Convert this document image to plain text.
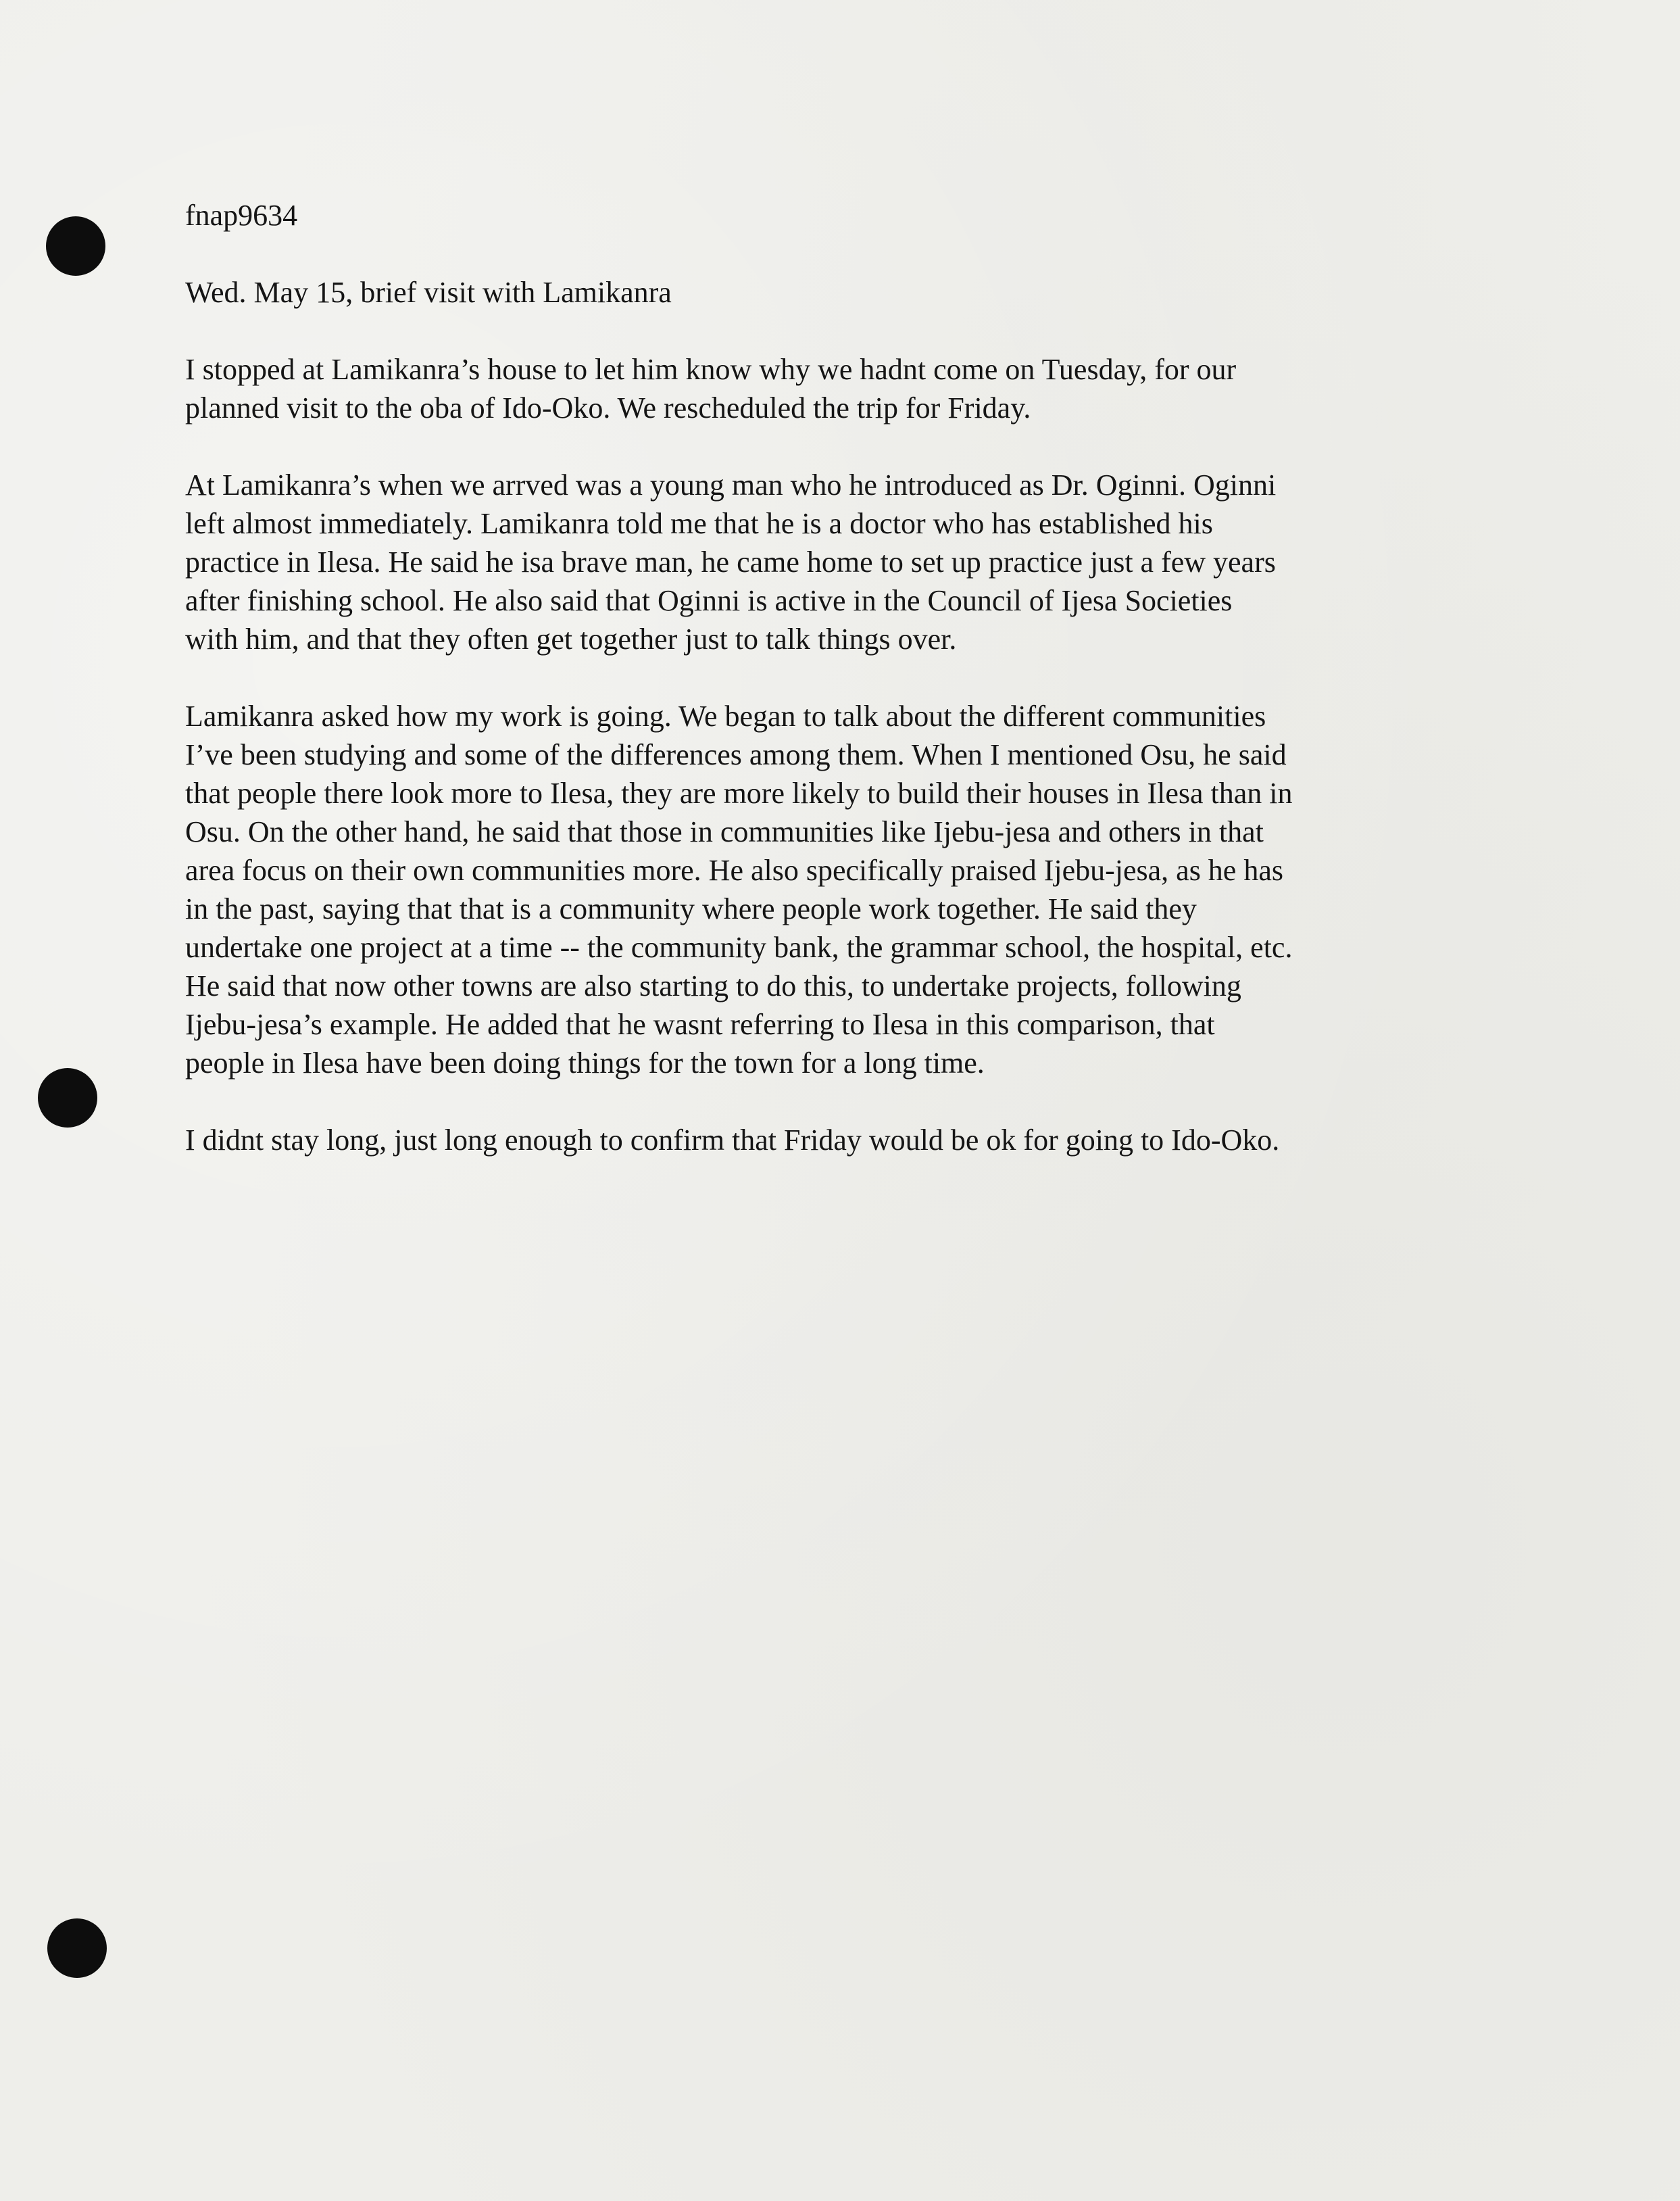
fnap9634
Wed. May 15, brief visit with Lamikanra
I stopped at Lamikanra’s house to let him know why we hadnt come on Tuesday, for our
planned visit to the oba of Ido-Oko. We rescheduled the trip for Friday.
At Lamikanra’s when we arrved was a young man who he introduced as Dr. Oginni. Oginni
left almost immediately. Lamikanra told me that he is a doctor who has established his
practice in Ilesa. He said he isa brave man, he came home to set up practice just a few years
after finishing school. He also said that Oginni is active in the Council of Ijesa Societies
with him, and that they often get together just to talk things over.
Lamikanra asked how my work is going. We began to talk about the different communities
I’ve been studying and some of the differences among them. When I mentioned Osu, he said
that people there look more to Ilesa, they are more likely to build their houses in Ilesa than in
Osu. On the other hand, he said that those in communities like Ijebu-jesa and others in that
area focus on their own communities more. He also specifically praised Ijebu-jesa, as he has
in the past, saying that that is a community where people work together. He said they
undertake one project at a time -- the community bank, the grammar school, the hospital, etc.
He said that now other towns are also starting to do this, to undertake projects, following
Ijebu-jesa’s example. He added that he wasnt referring to Ilesa in this comparison, that
people in Ilesa have been doing things for the town for a long time.
I didnt stay long, just long enough to confirm that Friday would be ok for going to Ido-Oko.
